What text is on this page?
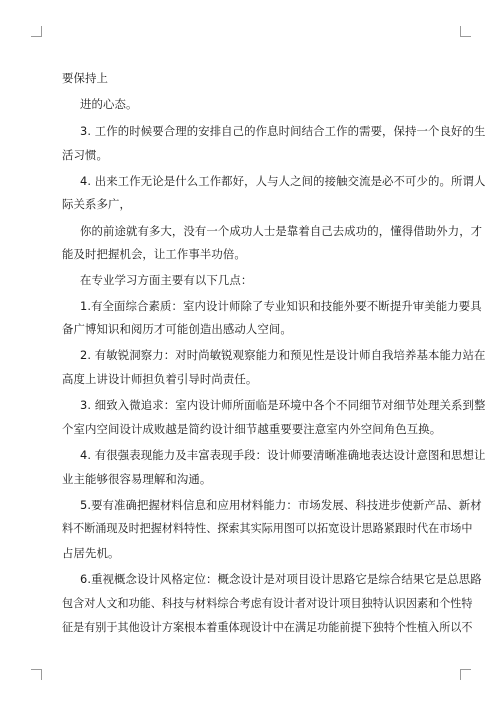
要保持上
进的心态。
3. 工作的时候要合理的安排自己的作息时间结合工作的需要，保持一个良好的生
活习惯。
4. 出来工作无论是什么工作都好，人与人之间的接触交流是必不可少的。所谓人
际关系多广，
你的前途就有多大，没有一个成功人士是靠着自己去成功的，懂得借助外力，才
能及时把握机会，让工作事半功倍。
在专业学习方面主要有以下几点：
1.有全面综合素质：室内设计师除了专业知识和技能外要不断提升审美能力要具
备广博知识和阅历才可能创造出感动人空间。
2. 有敏锐洞察力：对时尚敏锐观察能力和预见性是设计师自我培养基本能力站在
高度上讲设计师担负着引导时尚责任。
3. 细致入微追求：室内设计师所面临是环境中各个不同细节对细节处理关系到整
个室内空间设计成败越是简约设计细节越重要要注意室内外空间角色互换。
4. 有很强表现能力及丰富表现手段：设计师要清晰准确地表达设计意图和思想让
业主能够很容易理解和沟通。
5.要有准确把握材料信息和应用材料能力：市场发展、科技进步使新产品、新材
料不断涌现及时把握材料特性、探索其实际用图可以拓宽设计思路紧跟时代在市场中
占居先机。
6.重视概念设计风格定位：概念设计是对项目设计思路它是综合结果它是总思路
包含对人文和功能、科技与材料综合考虑有设计者对设计项目独特认识因素和个性特
征是有别于其他设计方案根本着重体现设计中在满足功能前提下独特个性植入所以不
